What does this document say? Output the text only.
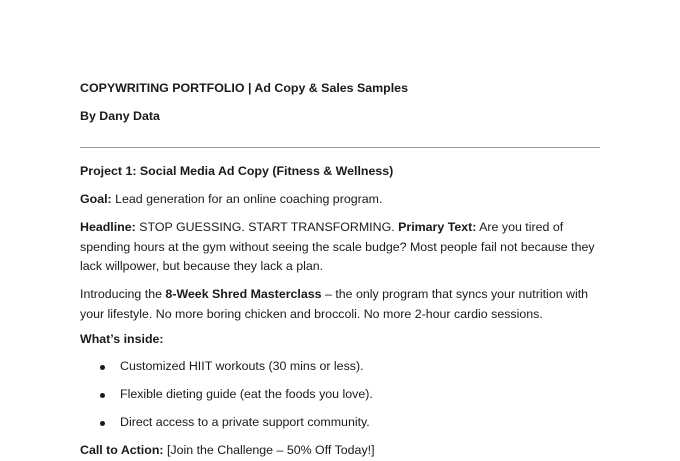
COPYWRITING PORTFOLIO | Ad Copy & Sales Samples
By Dany Data

Project 1: Social Media Ad Copy (Fitness & Wellness)

Goal: Lead generation for an online coaching program.

Headline: STOP GUESSING. START TRANSFORMING. Primary Text: Are you tired of spending hours at the gym without seeing the scale budge? Most people fail not because they lack willpower, but because they lack a plan.

Introducing the 8-Week Shred Masterclass – the only program that syncs your nutrition with your lifestyle. No more boring chicken and broccoli. No more 2-hour cardio sessions.

What’s inside:

Customized HIIT workouts (30 mins or less).
Flexible dieting guide (eat the foods you love).
Direct access to a private support community.

Call to Action: [Join the Challenge – 50% Off Today!]
